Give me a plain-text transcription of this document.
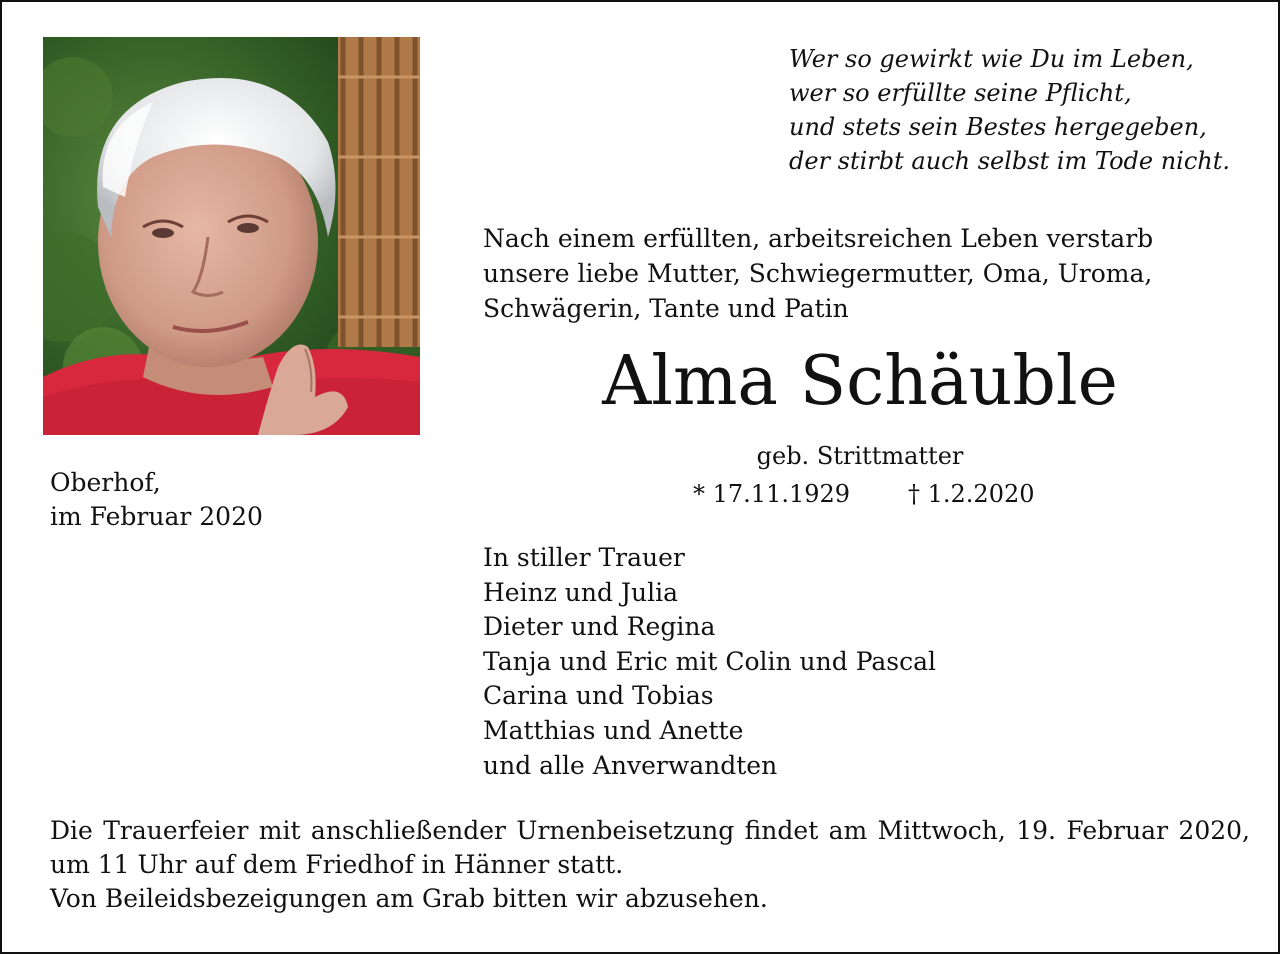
Wer so gewirkt wie Du im Leben,
wer so erfüllte seine Pflicht,
und stets sein Bestes hergegeben,
der stirbt auch selbst im Tode nicht.
Nach einem erfüllten, arbeitsreichen Leben verstarb
unsere liebe Mutter, Schwiegermutter, Oma, Uroma,
Schwägerin, Tante und Patin
Alma Schäuble
geb. Strittmatter
* 17.11.1929 † 1.2.2020
Oberhof,
im Februar 2020
In stiller Trauer
Heinz und Julia
Dieter und Regina
Tanja und Eric mit Colin und Pascal
Carina und Tobias
Matthias und Anette
und alle Anverwandten
Die Trauerfeier mit anschließender Urnenbeisetzung findet am Mittwoch, 19. Februar 2020,
um 11 Uhr auf dem Friedhof in Hänner statt.
Von Beileidsbezeigungen am Grab bitten wir abzusehen.
